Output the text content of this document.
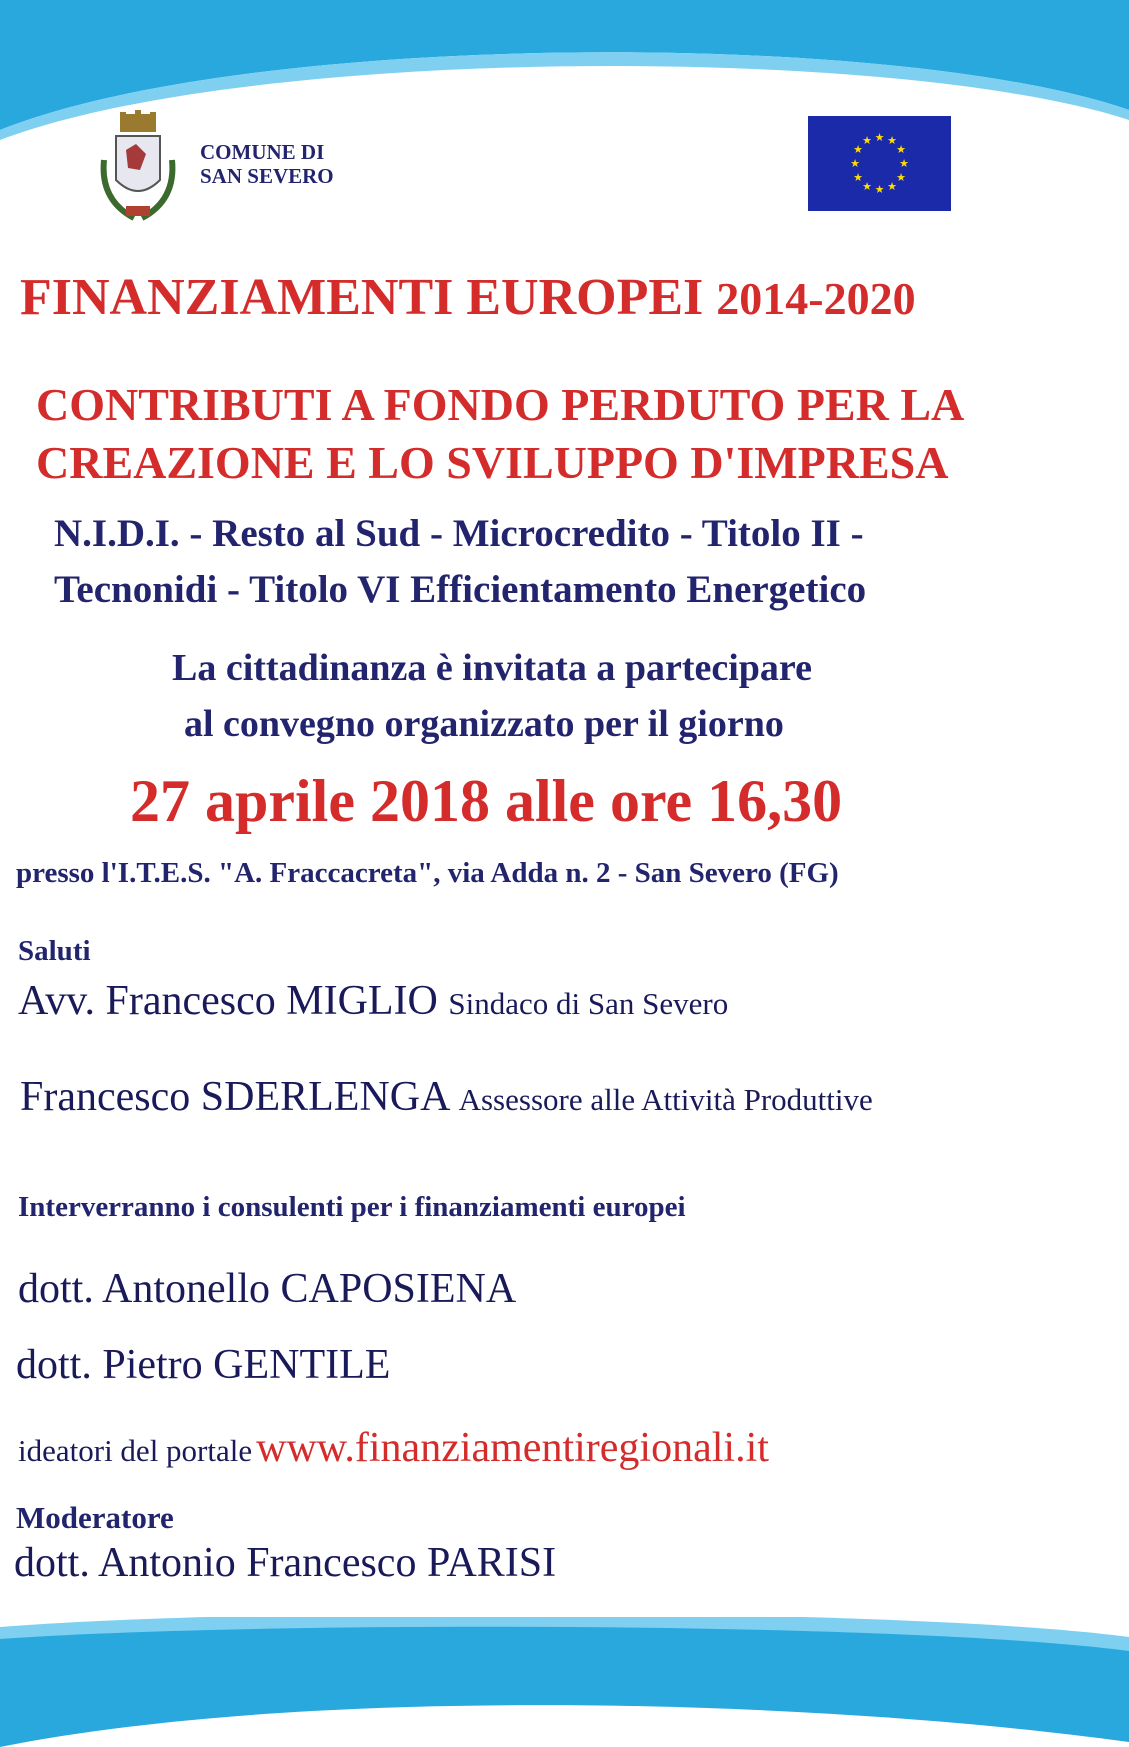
COMUNE DI
SAN SEVERO
★ ★
★
★
★
★
★
★
★
★
★
★
FINANZIAMENTI EUROPEI 2014-2020
CONTRIBUTI A FONDO PERDUTO PER LA
CREAZIONE E LO SVILUPPO D'IMPRESA
N.I.D.I. - Resto al Sud - Microcredito - Titolo II -
Tecnonidi - Titolo VI Efficientamento Energetico
La cittadinanza è invitata a partecipare
al convegno organizzato per il giorno
27 aprile 2018 alle ore 16,30
presso l'I.T.E.S. "A. Fraccacreta", via Adda n. 2 - San Severo (FG)
Saluti
Avv. Francesco MIGLIO Sindaco di San Severo
Francesco SDERLENGA Assessore alle Attività Produttive
Interverranno i consulenti per i finanziamenti europei
dott. Antonello CAPOSIENA
dott. Pietro GENTILE
ideatori del portale www.finanziamentiregionali.it
Moderatore
dott. Antonio Francesco PARISI
